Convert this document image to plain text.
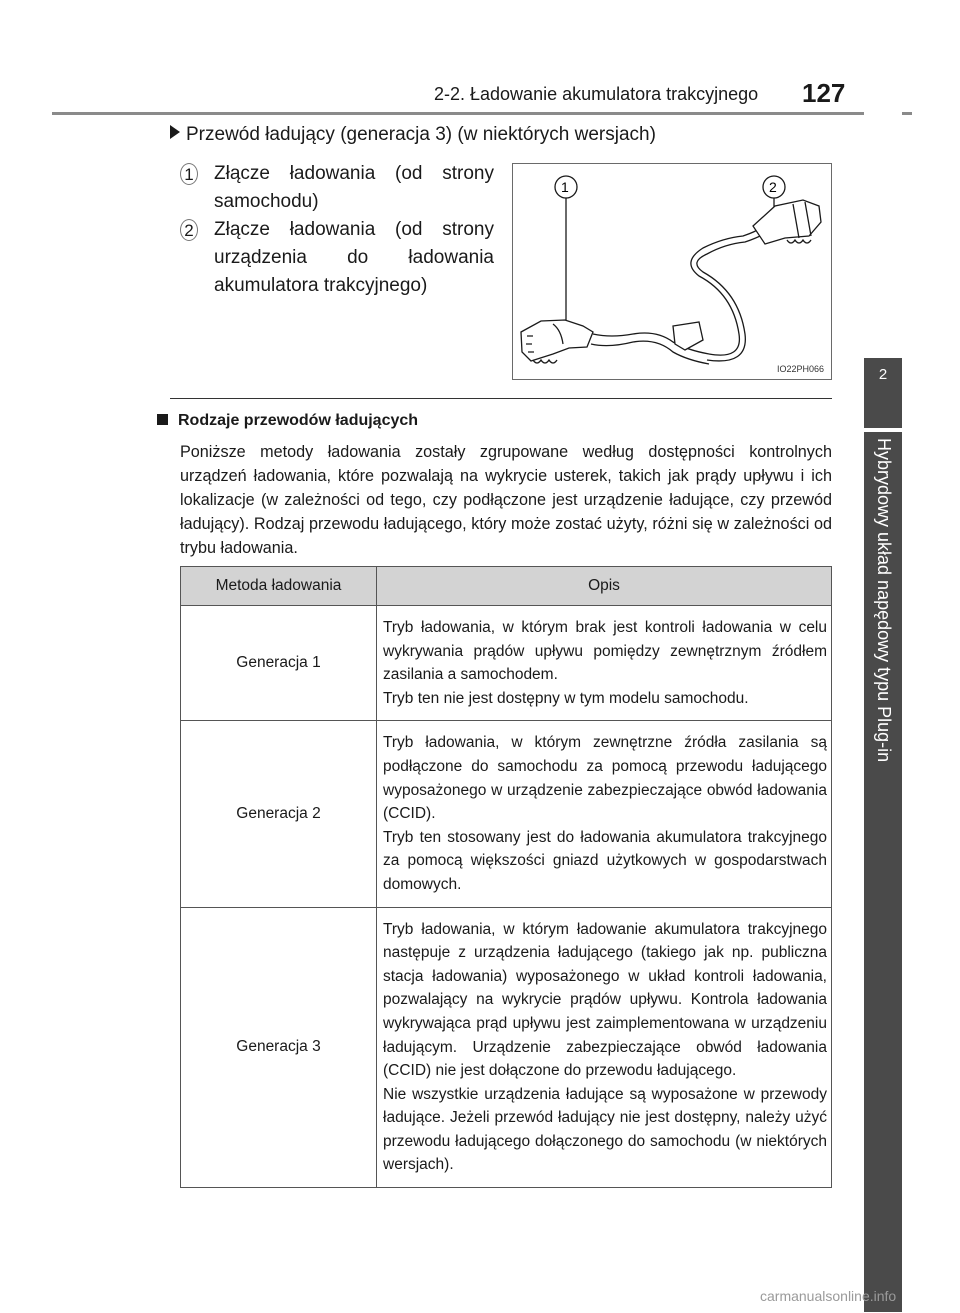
2-2. Ładowanie akumulatora trakcyjnego 127
2
Hybrydowy układ napędowy typu Plug-in
Przewód ładujący (generacja 3) (w niektórych wersjach)
1 Złącze ładowania (od strony samochodu)
2 Złącze ładowania (od strony urządzenia do ładowania akumulatora trakcyjnego)
1	2
IO22PH066
Rodzaje przewodów ładujących
Poniższe metody ładowania zostały zgrupowane według dostępności kontrolnych urządzeń ładowania, które pozwalają na wykrycie usterek, takich jak prądy upływu i ich lokalizacje (w zależności od tego, czy podłączone jest urządzenie ładujące, czy przewód ładujący). Rodzaj przewodu ładującego, który może zostać użyty, różni się w zależności od trybu ładowania.
Metoda ładowania	Opis
Generacja 1	Tryb ładowania, w którym brak jest kontroli ładowania w celu wykrywania prądów upływu pomiędzy zewnętrznym źródłem zasilania a samochodem.
Tryb ten nie jest dostępny w tym modelu samochodu.

Generacja 2	Tryb ładowania, w którym zewnętrzne źródła zasilania są podłączone do samochodu za pomocą przewodu ładującego wyposażonego w urządzenie zabezpieczające obwód ładowania (CCID).
Tryb ten stosowany jest do ładowania akumulatora trakcyjnego za pomocą większości gniazd użytkowych w gospodarstwach domowych.

Generacja 3	Tryb ładowania, w którym ładowanie akumulatora trakcyjnego następuje z urządzenia ładującego (takiego jak np. publiczna stacja ładowania) wyposażonego w układ kontroli ładowania, pozwalający na wykrycie prądów upływu. Kontrola ładowania wykrywająca prąd upływu jest zaimplementowana w urządzeniu ładującym. Urządzenie zabezpieczające obwód ładowania (CCID) nie jest dołączone do przewodu ładującego.
Nie wszystkie urządzenia ładujące są wyposażone w przewody ładujące. Jeżeli przewód ładujący nie jest dostępny, należy użyć przewodu ładującego dołączonego do samochodu (w niektórych wersjach).
carmanualsonline.info
